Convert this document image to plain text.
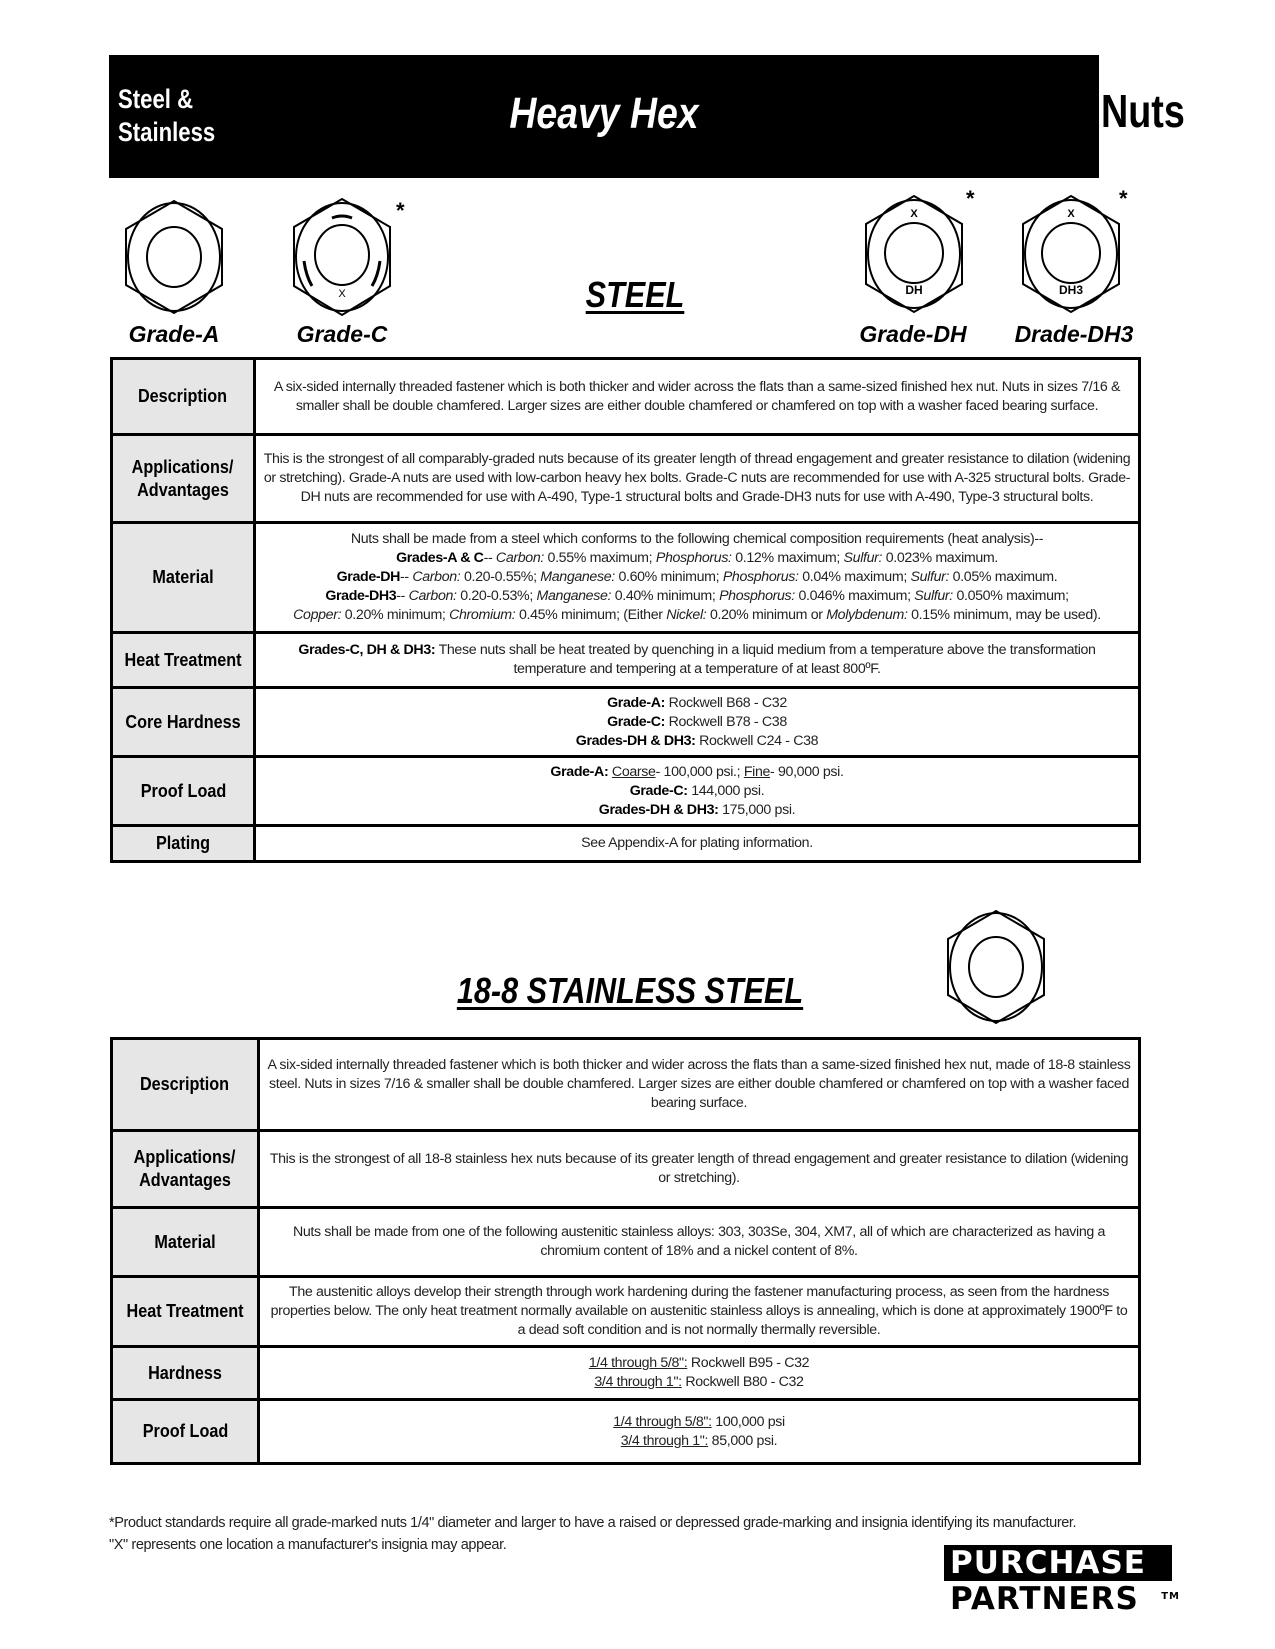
Steel &
Stainless	Heavy Hex	Nuts
X
*
STEEL
X
DH
*
X
DH3
*
Grade-A	Grade-C	Grade-DH	Drade-DH3
Description	A six-sided internally threaded fastener which is both thicker and wider across the flats than a same-sized finished hex nut. Nuts in sizes 7/16 & smaller shall be double chamfered. Larger sizes are either double chamfered or chamfered on top with a washer faced bearing surface.
Applications/
Advantages	This is the strongest of all comparably-graded nuts because of its greater length of thread engagement and greater resistance to dilation (widening or stretching). Grade-A nuts are used with low-carbon heavy hex bolts. Grade-C nuts are recommended for use with A-325 structural bolts. Grade-DH nuts are recommended for use with A-490, Type-1 structural bolts and Grade-DH3 nuts for use with A-490, Type-3 structural bolts.
Material	Nuts shall be made from a steel which conforms to the following chemical composition requirements (heat analysis)--
Grades-A & C-- Carbon: 0.55% maximum; Phosphorus: 0.12% maximum; Sulfur: 0.023% maximum.
Grade-DH-- Carbon: 0.20-0.55%; Manganese: 0.60% minimum; Phosphorus: 0.04% maximum; Sulfur: 0.05% maximum.
Grade-DH3-- Carbon: 0.20-0.53%; Manganese: 0.40% minimum; Phosphorus: 0.046% maximum; Sulfur: 0.050% maximum;
Copper: 0.20% minimum; Chromium: 0.45% minimum; (Either Nickel: 0.20% minimum or Molybdenum: 0.15% minimum, may be used).

Heat Treatment	Grades-C, DH & DH3: These nuts shall be heat treated by quenching in a liquid medium from a temperature above the transformation temperature and tempering at a temperature of at least 800ºF.
Core Hardness	Grade-A: Rockwell B68 - C32
Grade-C: Rockwell B78 - C38
Grades-DH & DH3: Rockwell C24 - C38

Proof Load	Grade-A: Coarse- 100,000 psi.; Fine- 90,000 psi.
Grade-C: 144,000 psi.
Grades-DH & DH3: 175,000 psi.

Plating	See Appendix-A for plating information.
18-8 STAINLESS STEEL
Description	A six-sided internally threaded fastener which is both thicker and wider across the flats than a same-sized finished hex nut, made of 18-8 stainless steel. Nuts in sizes 7/16 & smaller shall be double chamfered. Larger sizes are either double chamfered or chamfered on top with a washer faced bearing surface.
Applications/
Advantages	This is the strongest of all 18-8 stainless hex nuts because of its greater length of thread engagement and greater resistance to dilation (widening or stretching).
Material	Nuts shall be made from one of the following austenitic stainless alloys: 303, 303Se, 304, XM7, all of which are characterized as having a chromium content of 18% and a nickel content of 8%.
Heat Treatment	The austenitic alloys develop their strength through work hardening during the fastener manufacturing process, as seen from the hardness properties below. The only heat treatment normally available on austenitic stainless alloys is annealing, which is done at approximately 1900ºF to a dead soft condition and is not normally thermally reversible.
Hardness	1/4 through 5/8": Rockwell B95 - C32
3/4 through 1": Rockwell B80 - C32

Proof Load	1/4 through 5/8": 100,000 psi
3/4 through 1": 85,000 psi.
*Product standards require all grade-marked nuts 1/4" diameter and larger to have a raised or depressed grade-marking and insignia identifying its manufacturer.
"X" represents one location a manufacturer's insignia may appear.	PURCHASE
PARTNERS TM
